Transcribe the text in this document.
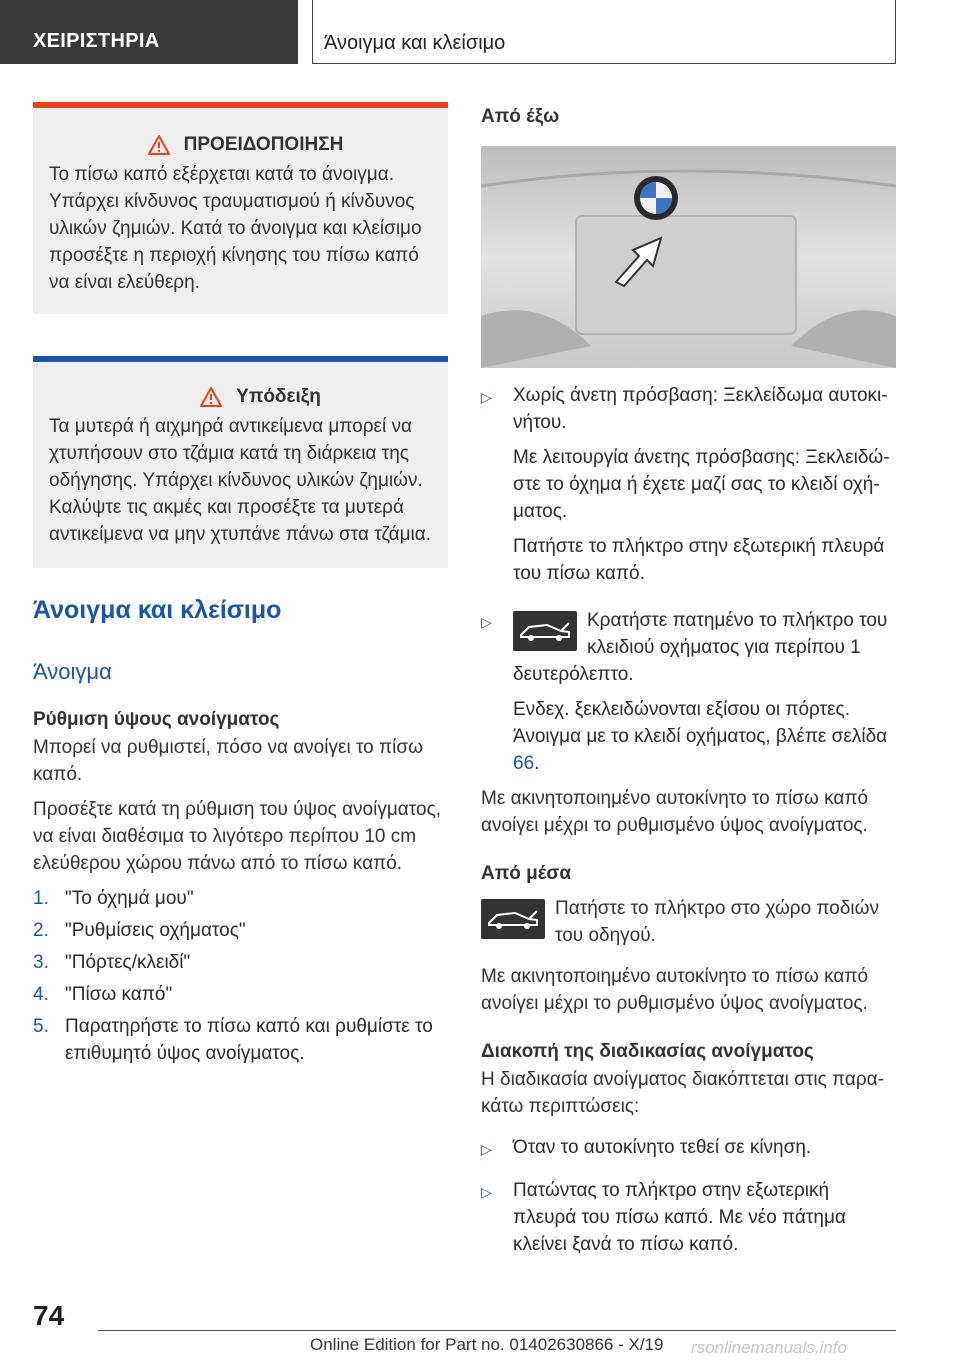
ΧΕΙΡΙΣΤΗΡΙΑ	Άνοιγμα και κλείσιμο
ΠΡΟΕΙΔΟΠΟΙΗΣΗ
Το πίσω καπό εξέρχεται κατά το άνοιγμα. Υπάρχει κίνδυνος τραυματισμού ή κίνδυνος υλικών ζημιών. Κατά το άνοιγμα και κλείσιμο προσέξτε η περιοχή κίνησης του πίσω καπό να είναι ελεύθερη.
Υπόδειξη
Τα μυτερά ή αιχμηρά αντικείμενα μπορεί να χτυπήσουν στο τζάμια κατά τη διάρκεια της οδήγησης. Υπάρχει κίνδυνος υλικών ζημιών. Καλύψτε τις ακμές και προσέξτε τα μυτερά αντικείμενα να μην χτυπάνε πάνω στα τζάμια.
Άνοιγμα και κλείσιμο
Άνοιγμα
Ρύθμιση ύψους ανοίγματος
Μπορεί να ρυθμιστεί, πόσο να ανοίγει το πίσω καπό.
Προσέξτε κατά τη ρύθμιση του ύψος ανοίγματος, να είναι διαθέσιμα το λιγότερο περίπου 10 cm ελεύθερου χώρου πάνω από το πίσω καπό.
1. "Το όχημά μου"
2. "Ρυθμίσεις οχήματος"
3. "Πόρτες/κλειδί"
4. "Πίσω καπό"
5. Παρατηρήστε το πίσω καπό και ρυθμίστε το επιθυμητό ύψος ανοίγματος.
Από έξω
▷	Χωρίς άνετη πρόσβαση: Ξεκλείδωμα αυτοκινήτου.
Με λειτουργία άνετης πρόσβασης: Ξεκλειδώστε το όχημα ή έχετε μαζί σας το κλειδί οχήματος.
Πατήστε το πλήκτρο στην εξωτερική πλευρά του πίσω καπό.
▷	Κρατήστε πατημένο το πλήκτρο του κλειδιού οχήματος για περίπου 1 δευτερόλεπτο.
Ενδεχ. ξεκλειδώνονται εξίσου οι πόρτες. Άνοιγμα με το κλειδί οχήματος, βλέπε σελίδα 66.
Με ακινητοποιημένο αυτοκίνητο το πίσω καπό ανοίγει μέχρι το ρυθμισμένο ύψος ανοίγματος.
Από μέσα
Πατήστε το πλήκτρο στο χώρο ποδιών του οδηγού.
Με ακινητοποιημένο αυτοκίνητο το πίσω καπό ανοίγει μέχρι το ρυθμισμένο ύψος ανοίγματος.
Διακοπή της διαδικασίας ανοίγματος
Η διαδικασία ανοίγματος διακόπτεται στις παρακάτω περιπτώσεις:
▷	Όταν το αυτοκίνητο τεθεί σε κίνηση.
▷	Πατώντας το πλήκτρο στην εξωτερική πλευρά του πίσω καπό. Με νέο πάτημα κλείνει ξανά το πίσω καπό.
74
Online Edition for Part no. 01402630866 - X/19 rsonlinemanuals.info
